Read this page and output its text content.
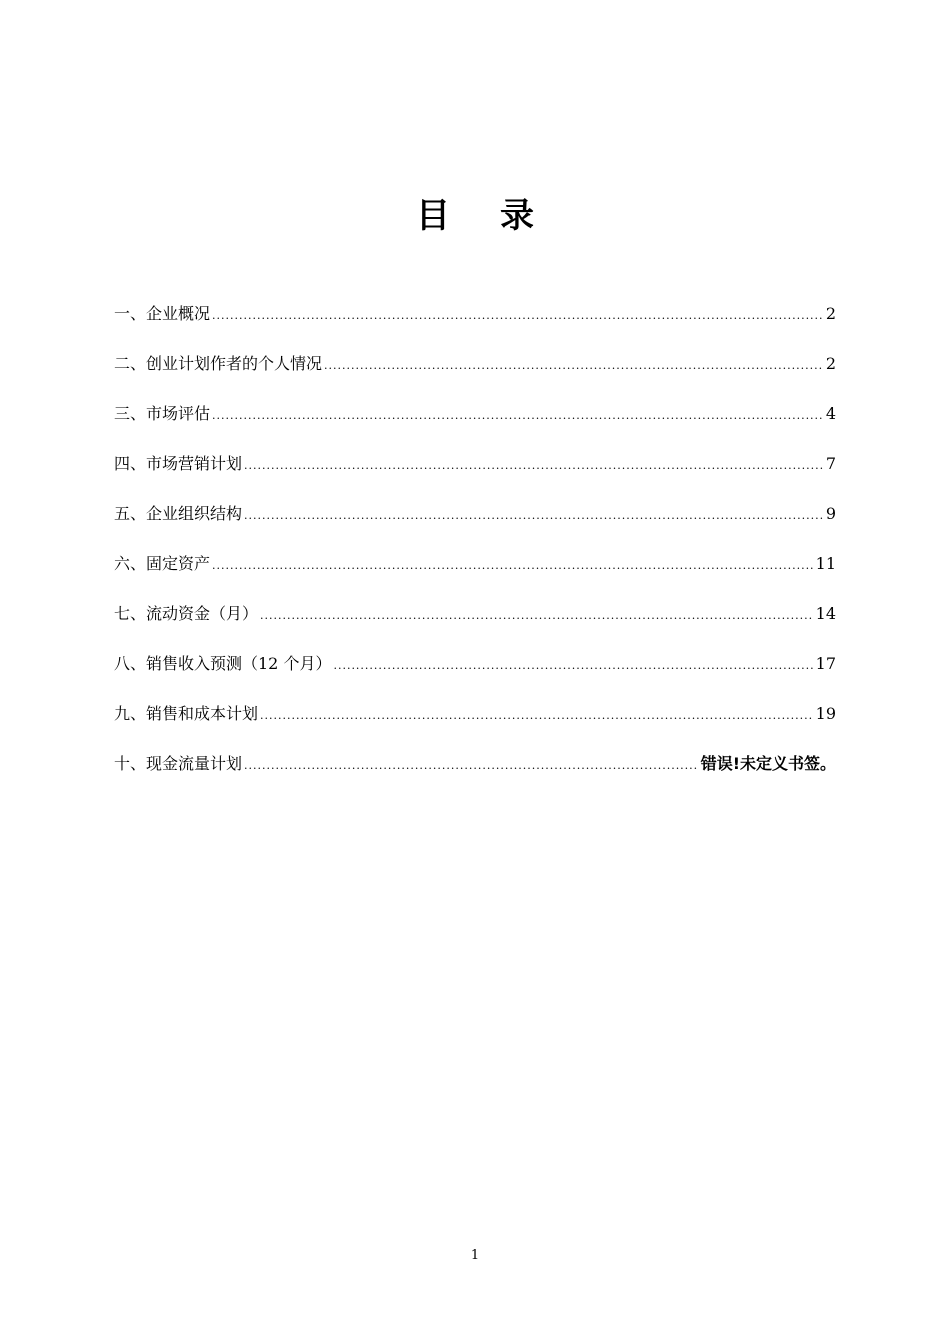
目录
一、企业概况 .....	2
二、创业计划作者的个人情况 .....	2
三、市场评估 .....	4
四、市场营销计划 .....	7
五、企业组织结构 .....	9
六、固定资产 .....	11
七、流动资金（月） .....	14
八、销售收入预测（12 个月） .....	17
九、销售和成本计划 .....	19
十、现金流量计划 .....	错误!未定义书签。
1
